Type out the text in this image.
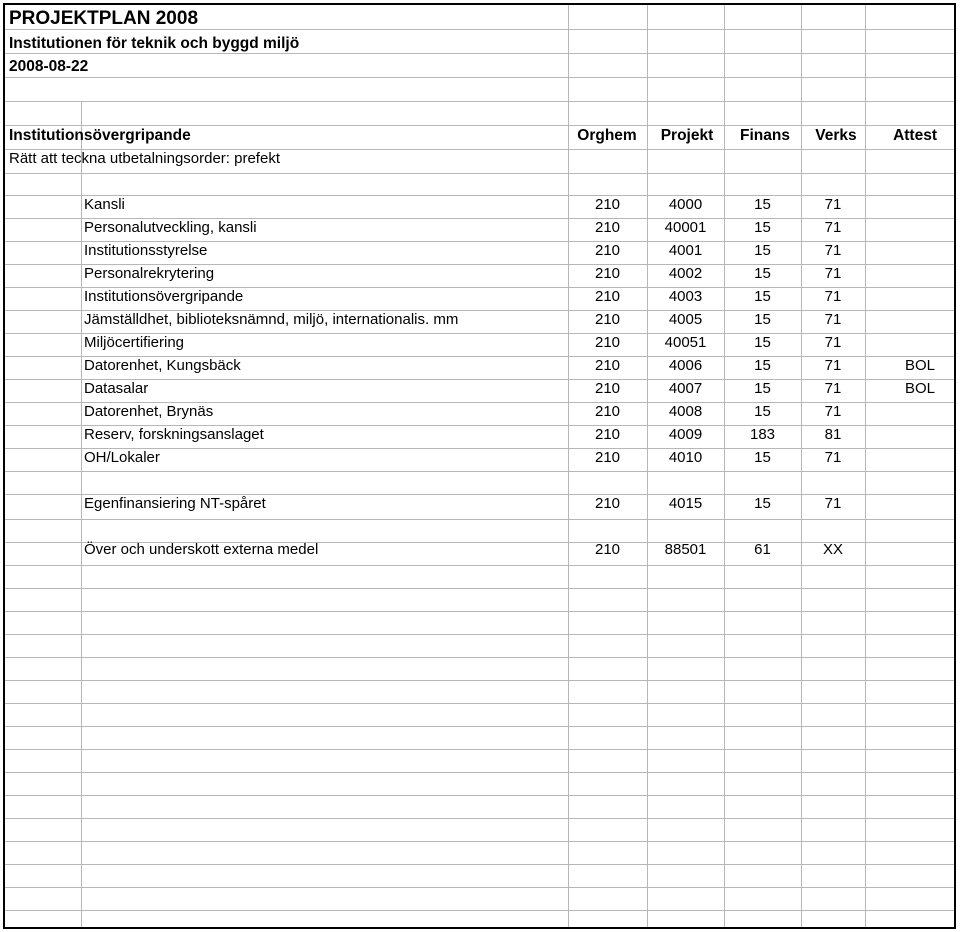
PROJEKTPLAN 2008
Institutionen för teknik och byggd miljö
2008-08-22
Institutionsövergripande
Rätt att teckna utbetalningsorder: prefekt
Orghem	Projekt	Finans	Verks	Attest
Kansli	210	4000	15	71
Personalutveckling, kansli	210	40001	15	71
Institutionsstyrelse	210	4001	15	71
Personalrekrytering	210	4002	15	71
Institutionsövergripande	210	4003	15	71
Jämställdhet, biblioteksnämnd, miljö, internationalis. mm	210	4005	15	71
Miljöcertifiering	210	40051	15	71
Datorenhet, Kungsbäck	210	4006	15	71	BOL
Datasalar	210	4007	15	71	BOL
Datorenhet, Brynäs	210	4008	15	71
Reserv, forskningsanslaget	210	4009	183	81
OH/Lokaler	210	4010	15	71
Egenfinansiering NT-spåret	210	4015	15	71
Över och underskott externa medel	210	88501	61	XX
